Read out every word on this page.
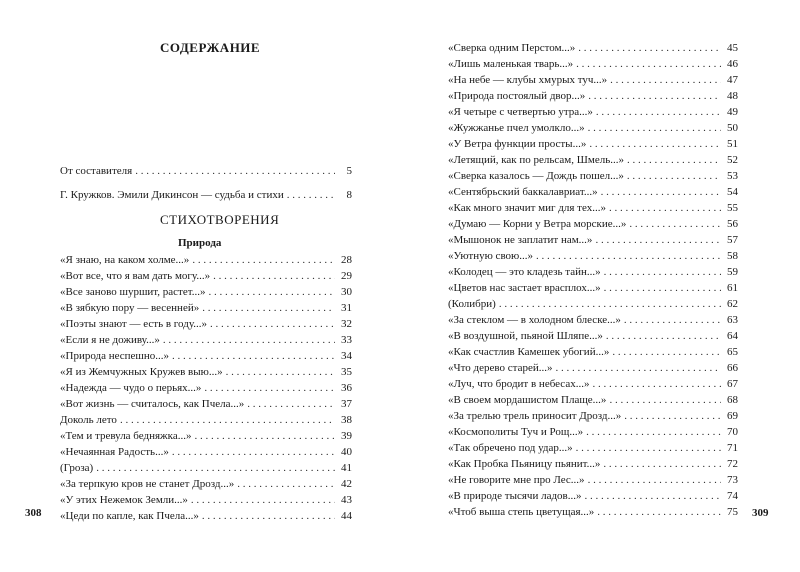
СОДЕРЖАНИЕ
От составителя . . .	5
Г. Кружков. Эмили Дикинсон — судьба и стихи . . .	8
СТИХОТВОРЕНИЯ
Природа
«Я знаю, на каком холме...» . . .	28
«Вот все, что я вам дать могу...» . . .	29
«Все заново шуршит, растет...» . . .	30
«В зябкую пору — весенней» . . .	31
«Поэты знают — есть в году...» . . .	32
«Если я не доживу...» . . .	33
«Природа неспешно...» . . .	34
«Я из Жемчужных Кружев выю...» . . .	35
«Надежда — чудо о перьях...» . . .	36
«Вот жизнь — считалось, как Пчела...» . . .	37
Доколь лето . . .	38
«Тем и тревула бедняжка...» . . .	39
«Нечаянная Радость...» . . .	40
(Гроза) . . .	41
«За терпкую кров не станет Дрозд...» . . .	42
«У этих Нежемок Земли...» . . .	43
«Цеди по капле, как Пчела...» . . .	44
308
«Сверка одним Перстом...» . . .	45
«Лишь маленькая тварь...» . . .	46
«На небе — клубы хмурых туч...» . . .	47
«Природа постоялый двор...» . . .	48
«Я четыре с четвертью утра...» . . .	49
«Жужжанье пчел умолкло...» . . .	50
«У Ветра функции просты...» . . .	51
«Летящий, как по рельсам, Шмель...» . . .	52
«Сверка казалось — Дождь пошел...» . . .	53
«Сентябрьский баккалавриат...» . . .	54
«Как много значит миг для тех...» . . .	55
«Думаю — Корни у Ветра морские...» . . .	56
«Мышонок не заплатит нам...» . . .	57
«Уютную свою...» . . .	58
«Колодец — это кладезь тайн...» . . .	59
«Цветов нас застает врасплох...» . . .	61
(Колибри) . . .	62
«За стеклом — в холодном блеске...» . . .	63
«В воздушной, пьяной Шляпе...» . . .	64
«Как счастлив Камешек убогий...» . . .	65
«Что дерево старей...» . . .	66
«Луч, что бродит в небесах...» . . .	67
«В своем мордашистом Плаще...» . . .	68
«За трелью трель приносит Дрозд...» . . .	69
«Космополиты Туч и Рощ...» . . .	70
«Так обречено под удар...» . . .	71
«Как Пробка Пьяницу пьянит...» . . .	72
«Не говорите мне про Лес...» . . .	73
«В природе тысячи ладов...» . . .	74
«Чтоб выша степь цветущая...» . . .	75 309
